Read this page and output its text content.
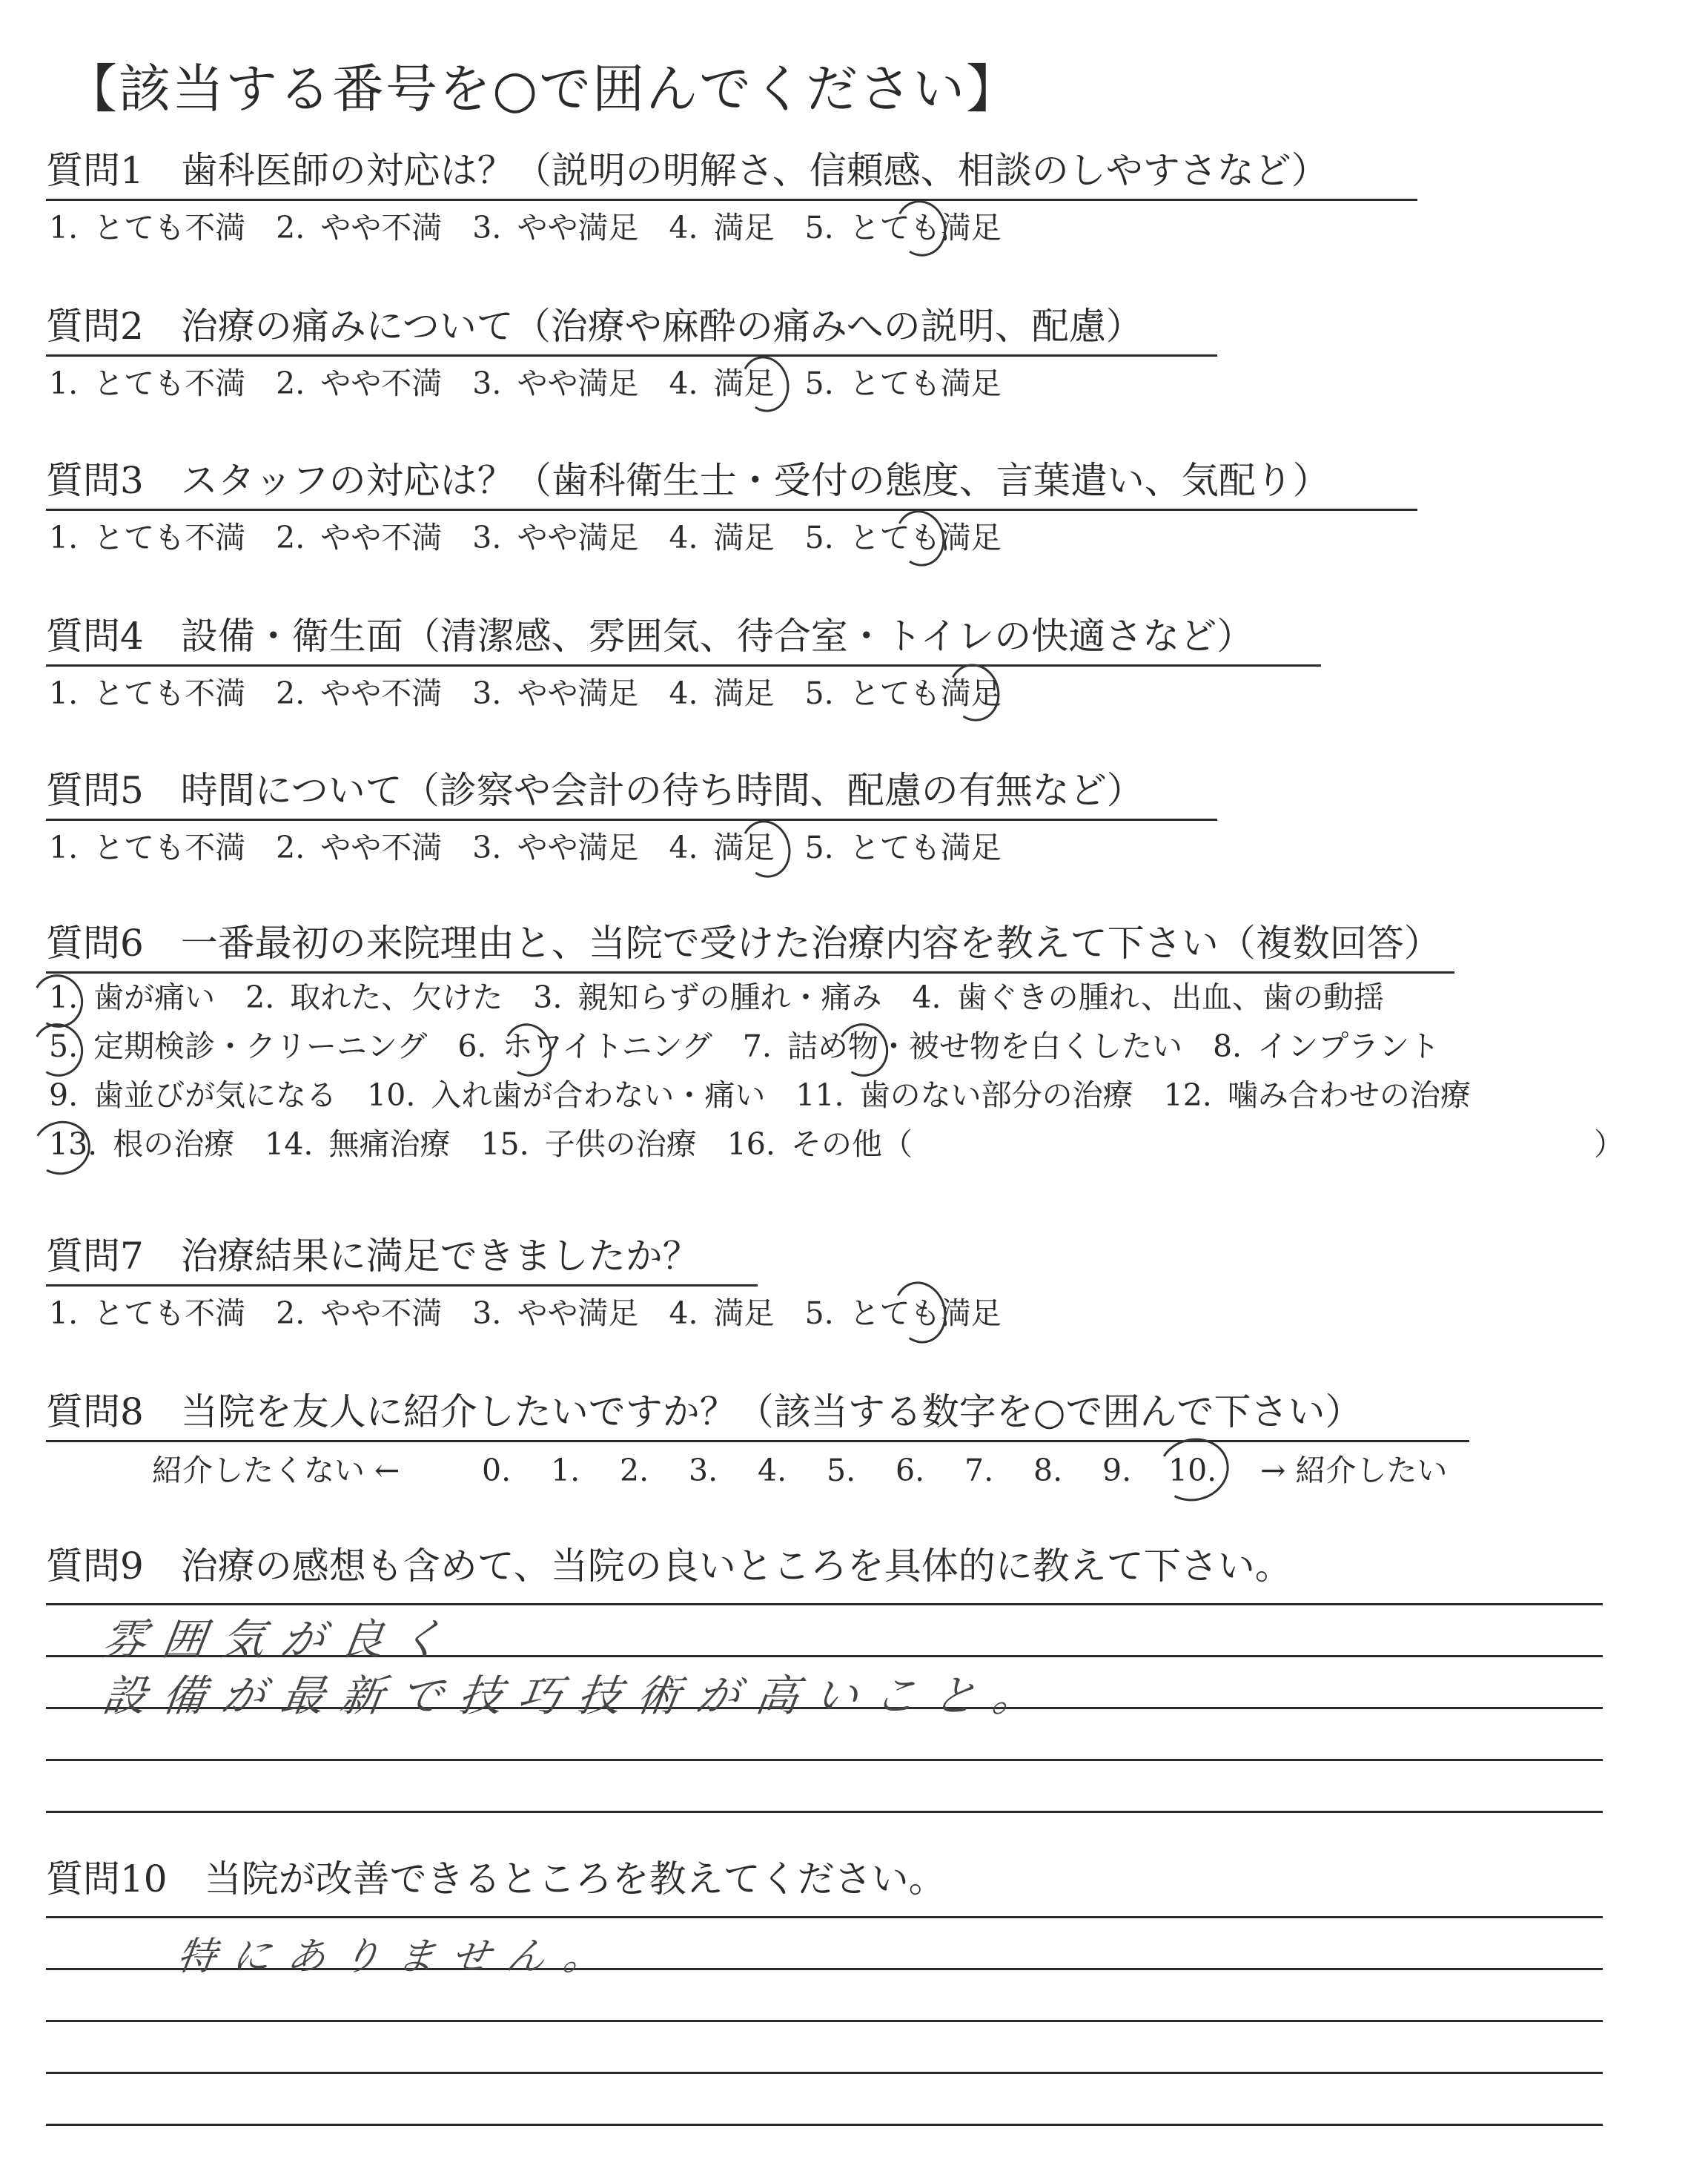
【該当する番号を○で囲んでください】
質問1　歯科医師の対応は？（説明の明解さ、信頼感、相談のしやすさなど）
1. とても不満　2. やや不満　3. やや満足　4. 満足　5. とても満足
質問2　治療の痛みについて（治療や麻酔の痛みへの説明、配慮）
1. とても不満　2. やや不満　3. やや満足　4. 満足　5. とても満足
質問3　スタッフの対応は？（歯科衛生士・受付の態度、言葉遣い、気配り）
1. とても不満　2. やや不満　3. やや満足　4. 満足　5. とても満足
質問4　設備・衛生面（清潔感、雰囲気、待合室・トイレの快適さなど）
1. とても不満　2. やや不満　3. やや満足　4. 満足　5. とても満足
質問5　時間について（診察や会計の待ち時間、配慮の有無など）
1. とても不満　2. やや不満　3. やや満足　4. 満足　5. とても満足
質問6　一番最初の来院理由と、当院で受けた治療内容を教えて下さい（複数回答）
1. 歯が痛い　2. 取れた、欠けた　3. 親知らずの腫れ・痛み　4. 歯ぐきの腫れ、出血、歯の動揺
5. 定期検診・クリーニング　6. ホワイトニング　7. 詰め物・被せ物を白くしたい　8. インプラント
9. 歯並びが気になる　10. 入れ歯が合わない・痛い　11. 歯のない部分の治療　12. 噛み合わせの治療
13. 根の治療　14. 無痛治療　15. 子供の治療　16. その他（	）
質問7　治療結果に満足できましたか？
1. とても不満　2. やや不満　3. やや満足　4. 満足　5. とても満足
質問8　当院を友人に紹介したいですか？（該当する数字を○で囲んで下さい）
紹介したくない ←	0. 1. 2. 3. 4. 5. 6. 7. 8. 9. 10. → 紹介したい
質問9　治療の感想も含めて、当院の良いところを具体的に教えて下さい。
雰囲気が良く
設備が最新で技巧技術が高いこと。
質問10　当院が改善できるところを教えてください。
特にありません。
